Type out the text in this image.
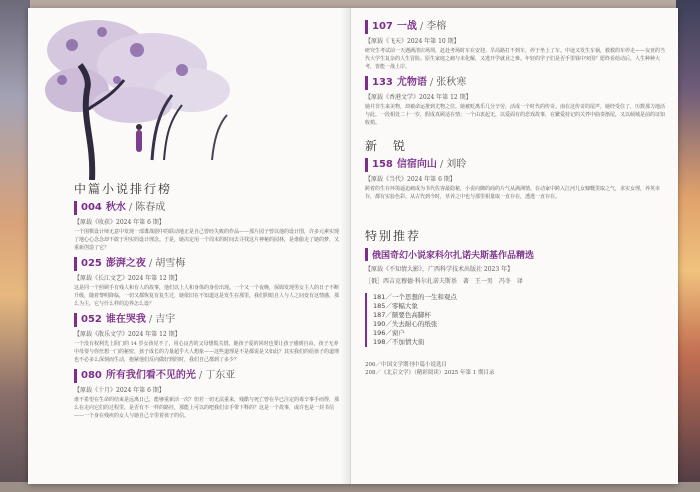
中篇小说排行榜
004 秋水 / 陈春成
【原载《收获》2024 年第 6 期】
一个围棋设计师无意中发现一部谍战剧中的联动地正是自己曾经失败的作品——那片园子曾以他的设计图，许多元素实现了地心心念念却不敢于坦实的设计理念。于是，她决定用一个周末的时间去寻找这片神秘的园林，是谁偷走了她的梦，又重新创造了它？
025 澎湃之夜 / 胡雪梅
【原载《长江文艺》2024 年第 12 期】
这是同一个照顾手有残人和有人的故事，他们以上人和身体的身份出现。一个又一个夜晚，保姆发现男女主人的日子不断升级，随着黎明降临，一切又都恢复有复生过，她依旧在不知道这是发生在那里，我们阴暗自人与人之间变有这情感，那么为主，它与什么样的边界怎么设？
052 谁在哭我 / 吉宇
【原载《散乐文学》2024 年第 12 期】
一个没有权利先上阴门的 14 岁女孩见不了，用心良苦的父母想慌关惜。她孩子爱的回时也要让孩子感到自由，孩子无养中母要与你丝想一门的秘密，孩子成长的力量超乎大人想象——这些道理是不是都说是又如此？其实我们的给孩子的道理也不必多么深刻而生动，抱紧他们反向做好到的时，我们自己都到了多少？
080 所有我们看不见的光 / 丁东亚
【原载《十月》2024 年第 6 期】
谁不希望在生命的结束是远离日己，能够重新活一次？但若一切无法重来，残酷与死亡曾在早已注定的毒辛事手而得，那么在走向它们的过程里，是否有不一样的路径，那能上可以的吧我们亲手带下释的？这是一个故事，或许也是一封书信——一个身在残疾的女人与她自己辛里着孩子的信。
107 一战 / 李榕
【原载《飞天》2024 年第 10 期】
研究生考试前一天遇满清店场坝，赶赴考场时车在安迎。旱高路打不到车，停于坐上了车。中途又发生车祸，救救的车停走——妄亚的当代大学生复杂的人生冒险。原生家庭之痛与未化解，又逃开学就业之难。年轻的学子们是否手里钱中突围？愿终看给动后，人生种种大考，皆能一战上岸。
133 尤物语 / 张秋寒
【原载《香港文学》2024 年第 12 期】
她并非生来美物，却被命运推到尤物之位。她被贬离乐几分辛劳，活成一个时代的传奇。南在这传奇的尾声，她经受住了，历数那力地活与此。一段相处二十一岁，假成真顾适在情；一个由衷起无，以爱面有的悲戏故事，在繁爱持记的关荞中曲奏渐尾，又以倾城是前的证知收梢。
新　锐
158 信宿向山 / 刘聆
【原载《当代》2024 年第 6 期】
跨着的生存环境逼迫痛成为书代佐客最隐秘，小说向御的商的片气从满洲情。在动家中跨入江河儿女慷慨里取之气，求实女理，养英市存，都有实验色彩。从古代到今时，草养之中也与那里相量取一直存在，透逃一直存在。
特别推荐
俄国奇幻小说家科尔扎诺夫斯基作品精选
【原载《不知情大影》，广西科学技术出版社 2023 年】
［俄］西吉克穆德·科尔扎诺夫斯基　著　王一男　冯冬　译
181／一个思想的一生和观点
185／零幅大象
187／颇要色高脚杯
190／失去耐心的纸张
196／窗户
198／不加情大街
206／中国文学期刊中篇小说选目
208／《北京文学》（精彩阅读）2025 年第 1 期目录
